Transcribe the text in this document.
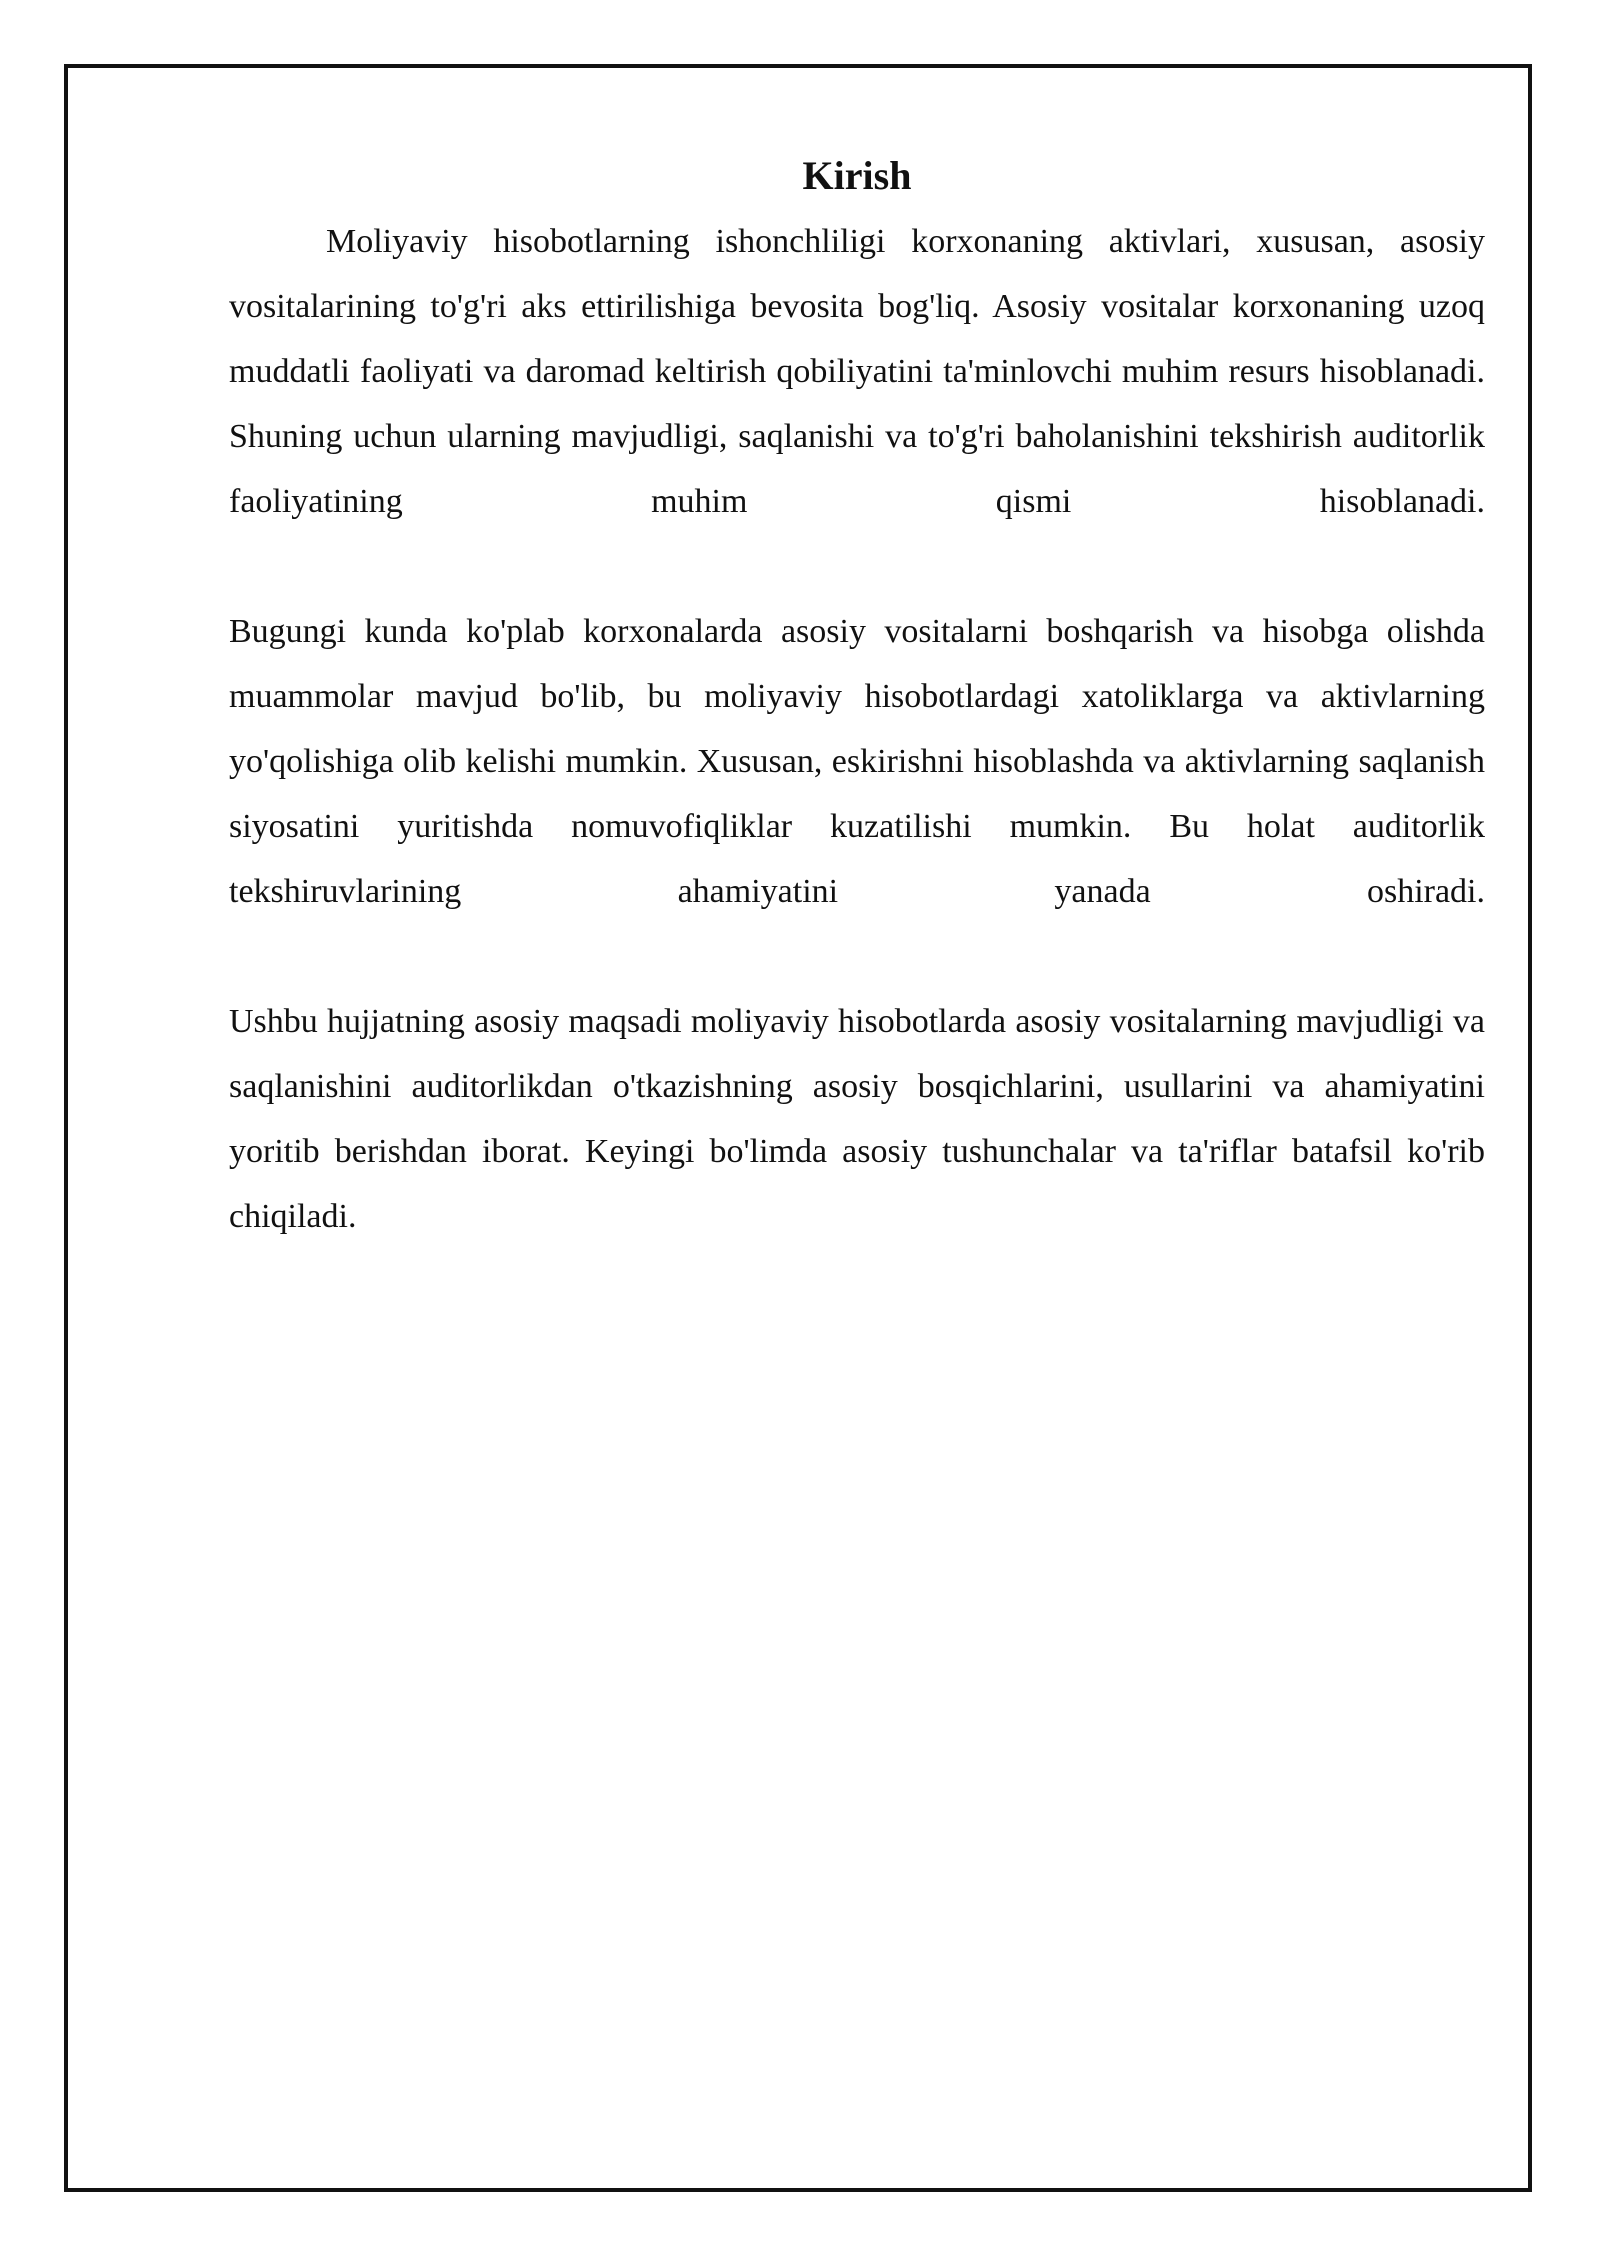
Kirish

Moliyaviy hisobotlarning ishonchliligi korxonaning aktivlari, xususan, asosiy vositalarining to'g'ri aks ettirilishiga bevosita bog'liq. Asosiy vositalar korxonaning uzoq muddatli faoliyati va daromad keltirish qobiliyatini ta'minlovchi muhim resurs hisoblanadi. Shuning uchun ularning mavjudligi, saqlanishi va to'g'ri baholanishini tekshirish auditorlik faoliyatining muhim qismi hisoblanadi.

Bugungi kunda ko'plab korxonalarda asosiy vositalarni boshqarish va hisobga olishda muammolar mavjud bo'lib, bu moliyaviy hisobotlardagi xatoliklarga va aktivlarning yo'qolishiga olib kelishi mumkin. Xususan, eskirishni hisoblashda va aktivlarning saqlanish siyosatini yuritishda nomuvofiqliklar kuzatilishi mumkin. Bu holat auditorlik tekshiruvlarining ahamiyatini yanada oshiradi.

Ushbu hujjatning asosiy maqsadi moliyaviy hisobotlarda asosiy vositalarning mavjudligi va saqlanishini auditorlikdan o'tkazishning asosiy bosqichlarini, usullarini va ahamiyatini yoritib berishdan iborat. Keyingi bo'limda asosiy tushunchalar va ta'riflar batafsil ko'rib chiqiladi.
